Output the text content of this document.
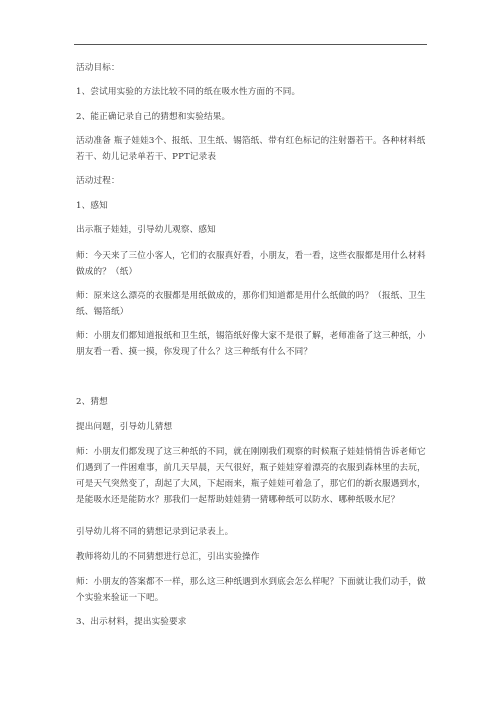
活动目标：

1、尝试用实验的方法比较不同的纸在吸水性方面的不同。

2、能正确记录自己的猜想和实验结果。

活动准备 瓶子娃娃3个、报纸、卫生纸、锡箔纸、带有红色标记的注射器若干。各种材料纸若干、幼儿记录单若干、PPT记录表

活动过程：

1、感知

出示瓶子娃娃，引导幼儿观察、感知

师：今天来了三位小客人，它们的衣服真好看，小朋友，看一看，这些衣服都是用什么材料做成的？（纸）

师：原来这么漂亮的衣服都是用纸做成的，那你们知道都是用什么纸做的吗？（报纸、卫生纸、锡箔纸）

师：小朋友们都知道报纸和卫生纸，锡箔纸好像大家不是很了解，老师准备了这三种纸，小朋友看一看、摸一摸，你发现了什么？这三种纸有什么不同？

2、猜想

提出问题，引导幼儿猜想

师：小朋友们都发现了这三种纸的不同，就在刚刚我们观察的时候瓶子娃娃悄悄告诉老师它们遇到了一件困难事，前几天早晨，天气很好，瓶子娃娃穿着漂亮的衣服到森林里的去玩，可是天气突然变了，刮起了大风，下起雨来，瓶子娃娃可着急了，那它们的新衣服遇到水，是能吸水还是能防水？那我们一起帮助娃娃猜一猜哪种纸可以防水、哪种纸吸水尼？

引导幼儿将不同的猜想记录到记录表上。

教师将幼儿的不同猜想进行总汇，引出实验操作

师：小朋友的答案都不一样，那么这三种纸遇到水到底会怎么样呢？下面就让我们动手，做个实验来验证一下吧。

3、出示材料，提出实验要求
